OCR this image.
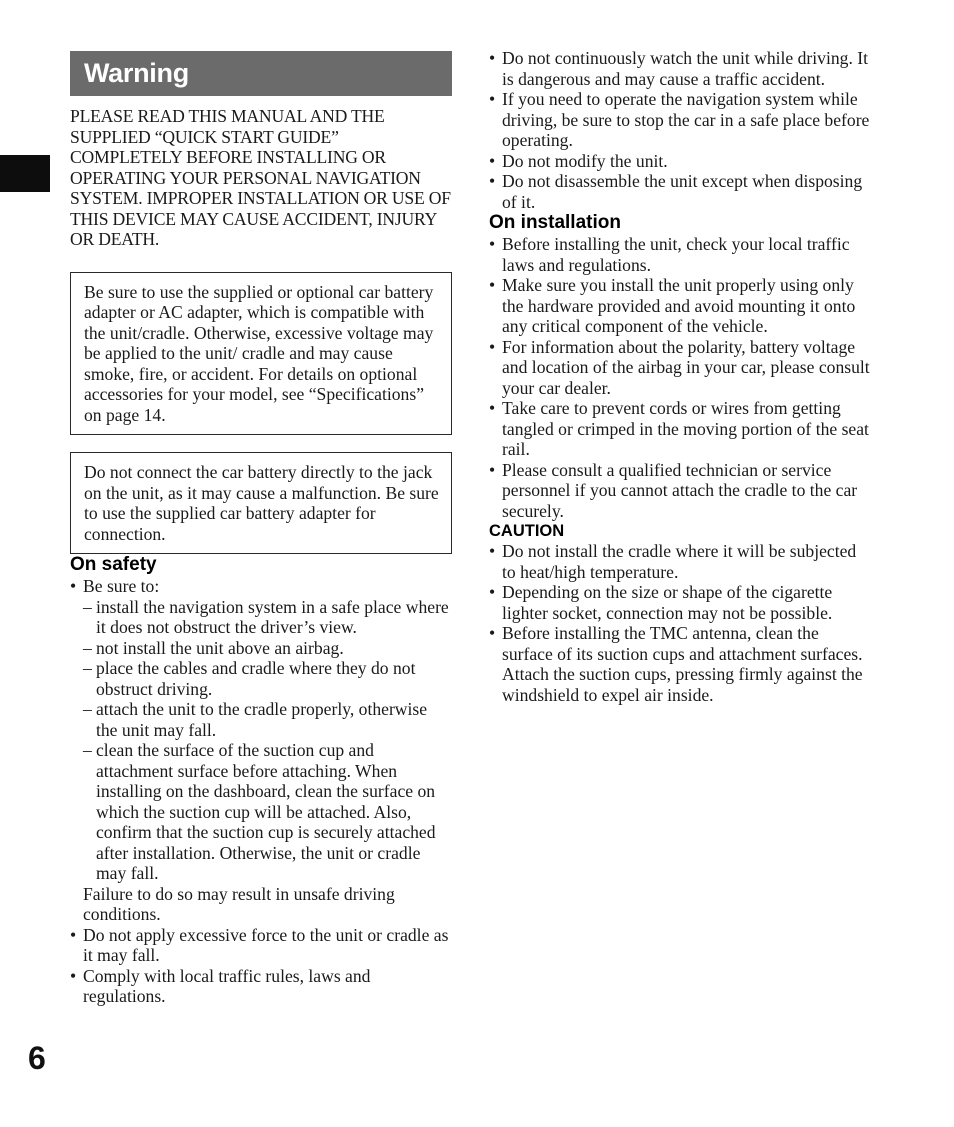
Warning
PLEASE READ THIS MANUAL AND THE SUPPLIED “QUICK START GUIDE” COMPLETELY BEFORE INSTALLING OR OPERATING YOUR PERSONAL NAVIGATION SYSTEM. IMPROPER INSTALLATION OR USE OF THIS DEVICE MAY CAUSE ACCIDENT, INJURY OR DEATH.
Be sure to use the supplied or optional car battery adapter or AC adapter, which is compatible with the unit/cradle. Otherwise, excessive voltage may be applied to the unit/ cradle and may cause smoke, fire, or accident. For details on optional accessories for your model, see “Specifications” on page 14.
Do not connect the car battery directly to the jack on the unit, as it may cause a malfunction. Be sure to use the supplied car battery adapter for connection.
On safety
• Be sure to:
– install the navigation system in a safe place where it does not obstruct the driver’s view.
– not install the unit above an airbag.
– place the cables and cradle where they do not obstruct driving.
– attach the unit to the cradle properly, otherwise the unit may fall.
– clean the surface of the suction cup and attachment surface before attaching. When installing on the dashboard, clean the surface on which the suction cup will be attached. Also, confirm that the suction cup is securely attached after installation. Otherwise, the unit or cradle may fall.
Failure to do so may result in unsafe driving conditions.
• Do not apply excessive force to the unit or cradle as it may fall.
• Comply with local traffic rules, laws and regulations.
• Do not continuously watch the unit while driving. It is dangerous and may cause a traffic accident.
• If you need to operate the navigation system while driving, be sure to stop the car in a safe place before operating.
• Do not modify the unit.
• Do not disassemble the unit except when disposing of it.
On installation
• Before installing the unit, check your local traffic laws and regulations.
• Make sure you install the unit properly using only the hardware provided and avoid mounting it onto any critical component of the vehicle.
• For information about the polarity, battery voltage and location of the airbag in your car, please consult your car dealer.
• Take care to prevent cords or wires from getting tangled or crimped in the moving portion of the seat rail.
• Please consult a qualified technician or service personnel if you cannot attach the cradle to the car securely.
CAUTION
• Do not install the cradle where it will be subjected to heat/high temperature.
• Depending on the size or shape of the cigarette lighter socket, connection may not be possible.
• Before installing the TMC antenna, clean the surface of its suction cups and attachment surfaces. Attach the suction cups, pressing firmly against the windshield to expel air inside.
6
